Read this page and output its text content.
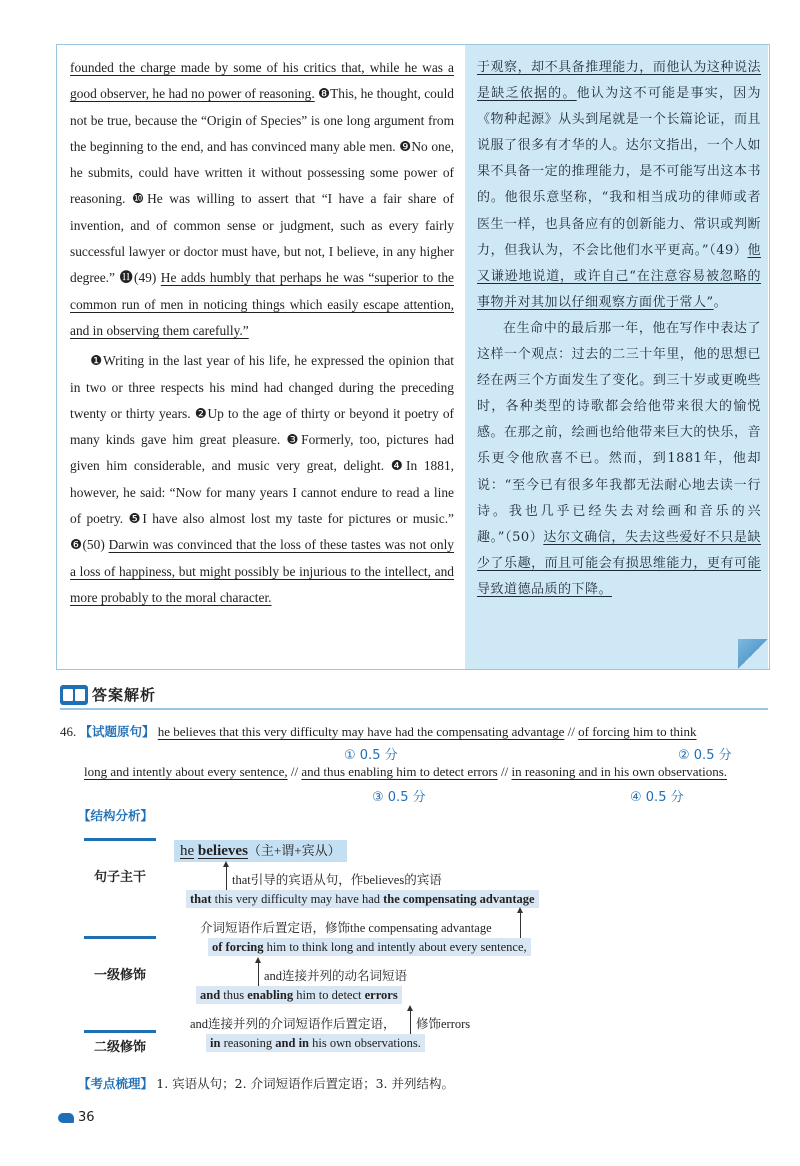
founded the charge made by some of his critics that, while he was a good observer, he had no power of reasoning. ❽This, he thought, could not be true, because the “Origin of Species” is one long argument from the beginning to the end, and has convinced many able men. ❾No one, he submits, could have written it without possessing some power of reasoning. ❿He was willing to assert that “I have a fair share of invention, and of common sense or judgment, such as every fairly successful lawyer or doctor must have, but not, I believe, in any higher degree.” ⓫(49) He adds humbly that perhaps he was “superior to the common run of men in noticing things which easily escape attention, and in observing them carefully.”

❶Writing in the last year of his life, he expressed the opinion that in two or three respects his mind had changed during the preceding twenty or thirty years. ❷Up to the age of thirty or beyond it poetry of many kinds gave him great pleasure. ❸Formerly, too, pictures had given him considerable, and music very great, delight. ❹In 1881, however, he said: “Now for many years I cannot endure to read a line of poetry. ❺I have also almost lost my taste for pictures or music.” ❻(50) Darwin was convinced that the loss of these tastes was not only a loss of happiness, but might possibly be injurious to the intellect, and more probably to the moral character.

于观察，却不具备推理能力，而他认为这种说法是缺乏依据的。他认为这不可能是事实，因为《物种起源》从头到尾就是一个长篇论证，而且说服了很多有才华的人。达尔文指出，一个人如果不具备一定的推理能力，是不可能写出这本书的。他很乐意坚称，“我和相当成功的律师或者医生一样，也具备应有的创新能力、常识或判断力，但我认为，不会比他们水平更高。”（49）他又谦逊地说道，或许自己“在注意容易被忽略的事物并对其加以仔细观察方面优于常人”。

在生命中的最后那一年，他在写作中表达了这样一个观点：过去的二三十年里，他的思想已经在两三个方面发生了变化。到三十岁或更晚些时，各种类型的诗歌都会给他带来很大的愉悦感。在那之前，绘画也给他带来巨大的快乐，音乐更令他欣喜不已。然而，到1881年，他却说：“至今已有很多年我都无法耐心地去读一行诗。我也几乎已经失去对绘画和音乐的兴趣。”（50）达尔文确信，失去这些爱好不只是缺少了乐趣，而且可能会有损思维能力，更有可能导致道德品质的下降。

答案解析
46. 【试题原句】 he believes that this very difficulty may have had the compensating advantage // of forcing him to think
① 0.5 分	② 0.5 分
long and intently about every sentence, // and thus enabling him to detect errors // in reasoning and in his own observations.
③ 0.5 分	④ 0.5 分
【结构分析】
句子主干
一级修饰
二级修饰
he believes（主+谓+宾从）
that引导的宾语从句，作believes的宾语
that this very difficulty may have had the compensating advantage
介词短语作后置定语，修饰the compensating advantage
of forcing him to think long and intently about every sentence,
and连接并列的动名词短语
and thus enabling him to detect errors
and连接并列的介词短语作后置定语， 修饰errors
in reasoning and in his own observations.
【考点梳理】 1. 宾语从句；2. 介词短语作后置定语；3. 并列结构。
36
